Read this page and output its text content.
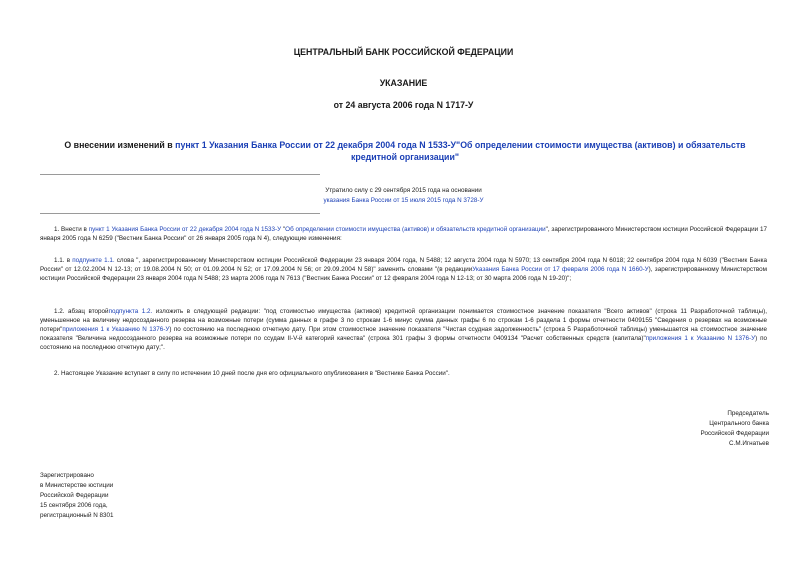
ЦЕНТРАЛЬНЫЙ БАНК РОССИЙСКОЙ ФЕДЕРАЦИИ
УКАЗАНИЕ
от 24 августа 2006 года N 1717-У
О внесении изменений в пункт 1 Указания Банка России от 22 декабря 2004 года N 1533-У"Об определении стоимости имущества (активов) и обязательств кредитной организации"
Утратило силу с 29 сентября 2015 года на основании
указания Банка России от 15 июля 2015 года N 3728-У
1. Внести в пункт 1 Указания Банка России от 22 декабря 2004 года N 1533-У "Об определении стоимости имущества (активов) и обязательств кредитной организации", зарегистрированного Министерством юстиции Российской Федерации 17 января 2005 года N 6259 ("Вестник Банка России" от 26 января 2005 года N 4), следующие изменения:
1.1. в подпункте 1.1. слова ", зарегистрированному Министерством юстиции Российской Федерации 23 января 2004 года, N 5488; 12 августа 2004 года N 5970; 13 сентября 2004 года N 6018; 22 сентября 2004 года N 6039 ("Вестник Банка России" от 12.02.2004 N 12-13; от 19.08.2004 N 50; от 01.09.2004 N 52; от 17.09.2004 N 56; от 29.09.2004 N 58)" заменить словами "(в редакцииУказания Банка России от 17 февраля 2006 года N 1660-У), зарегистрированному Министерством юстиции Российской Федерации 23 января 2004 года N 5488; 23 марта 2006 года N 7613 ("Вестник Банка России" от 12 февраля 2004 года N 12-13; от 30 марта 2006 года N 19-20)";
1.2. абзац второйподпункта 1.2. изложить в следующей редакции: "под стоимостью имущества (активов) кредитной организации понимается стоимостное значение показателя "Всего активов" (строка 11 Разработочной таблицы), уменьшенное на величину недосозданного резерва на возможные потери (сумма данных в графе 3 по строкам 1-6 минус сумма данных графы 6 по строкам 1-6 раздела 1 формы отчетности 0409155 "Сведения о резервах на возможные потери"приложения 1 к Указанию N 1376-У) по состоянию на последнюю отчетную дату. При этом стоимостное значение показателя "Чистая ссудная задолженность" (строка 5 Разработочной таблицы) уменьшается на стоимостное значение показателя "Величина недосозданного резерва на возможные потери по ссудам II-V-й категорий качества" (строка 301 графы 3 формы отчетности 0409134 "Расчет собственных средств (капитала)"приложения 1 к Указанию N 1376-У) по состоянию на последнюю отчетную дату;".
2. Настоящее Указание вступает в силу по истечении 10 дней после дня его официального опубликования в "Вестнике Банка России".
Председатель
Центрального банка
Российской Федерации
С.М.Игнатьев
Зарегистрировано
в Министерстве юстиции
Российской Федерации
15 сентября 2006 года,
регистрационный N 8301
